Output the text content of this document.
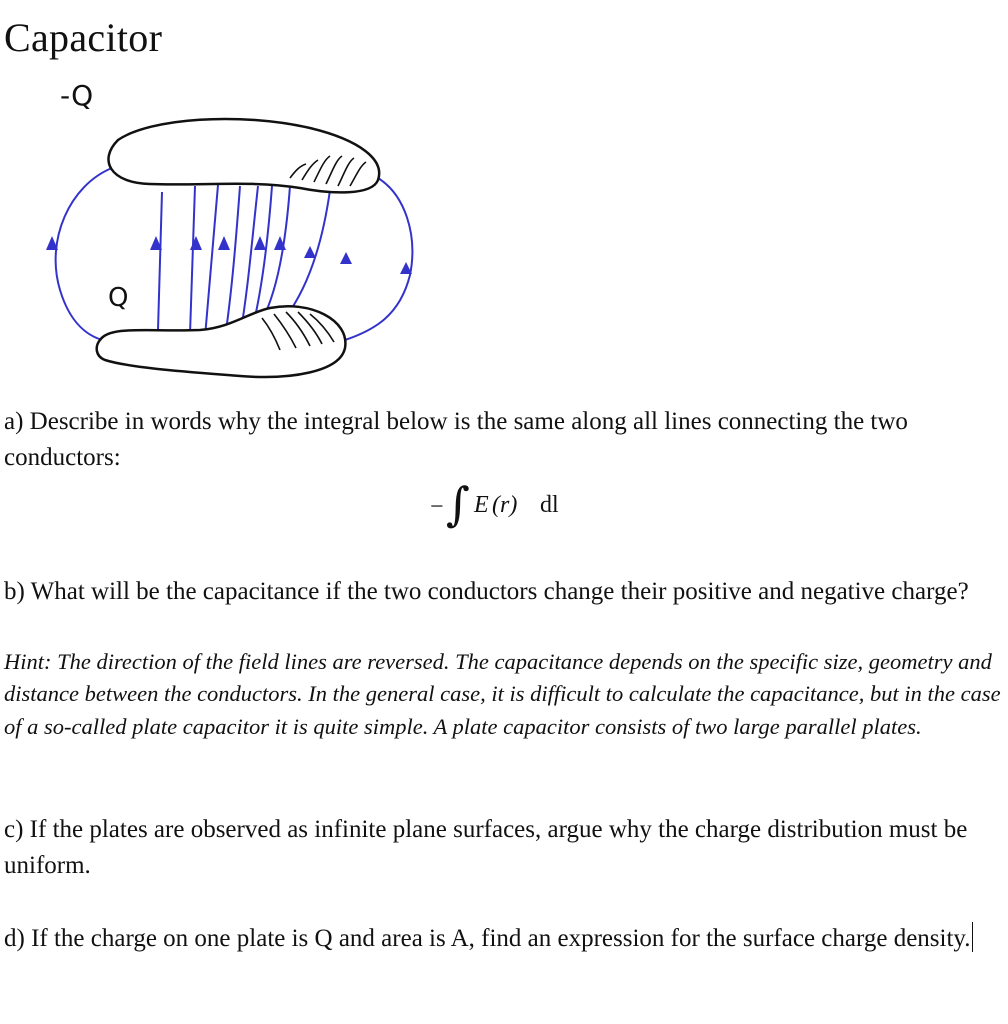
Capacitor
-Q
Q

a) Describe in words why the integral below is the same along all lines connecting the two conductors:

− ∫ E (r) dl

b) What will be the capacitance if the two conductors change their positive and negative charge?

Hint: The direction of the field lines are reversed. The capacitance depends on the specific size, geometry and distance between the conductors. In the general case, it is difficult to calculate the capacitance, but in the case of a so-called plate capacitor it is quite simple. A plate capacitor consists of two large parallel plates.

c) If the plates are observed as infinite plane surfaces, argue why the charge distribution must be uniform.

d) If the charge on one plate is Q and area is A, find an expression for the surface charge density.
